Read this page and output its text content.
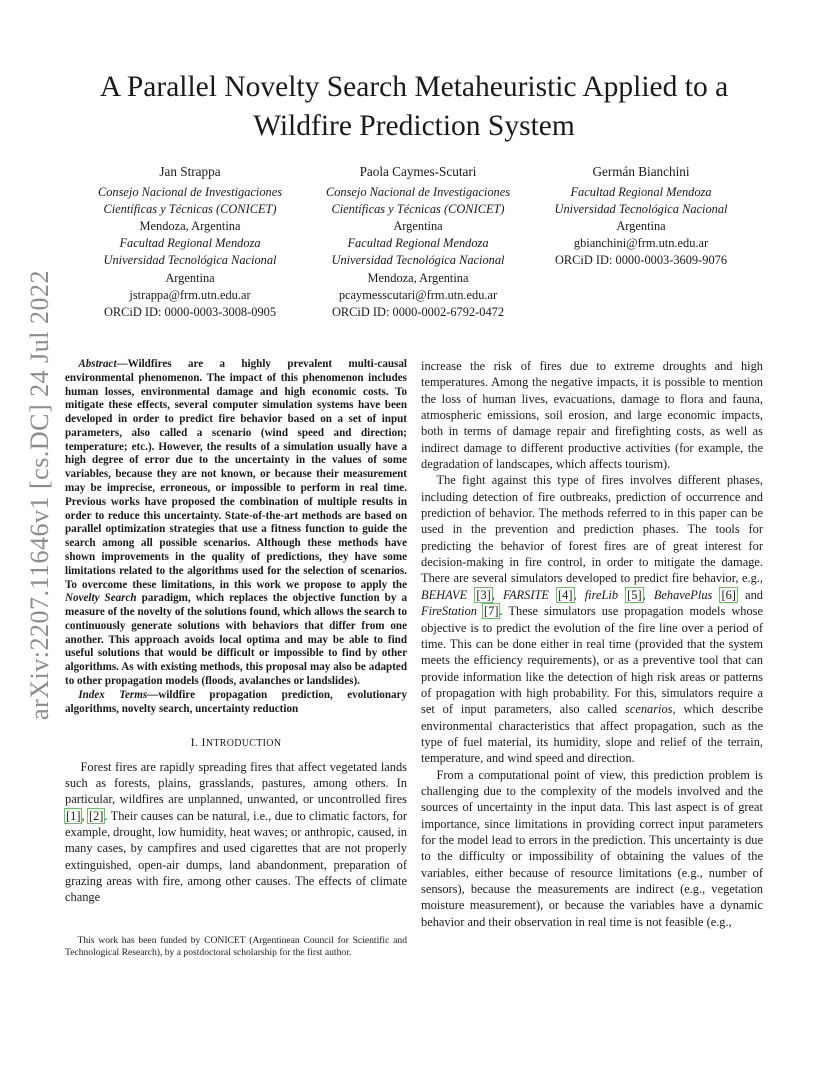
arXiv:2207.11646v1 [cs.DC] 24 Jul 2022
A Parallel Novelty Search Metaheuristic Applied to a Wildfire Prediction System
Jan Strappa
Consejo Nacional de Investigaciones
Científicas y Técnicas (CONICET)
Mendoza, Argentina
Facultad Regional Mendoza
Universidad Tecnológica Nacional
Argentina
jstrappa@frm.utn.edu.ar
ORCiD ID: 0000-0003-3008-0905
Paola Caymes-Scutari
Consejo Nacional de Investigaciones
Científicas y Técnicas (CONICET)
Argentina
Facultad Regional Mendoza
Universidad Tecnológica Nacional
Mendoza, Argentina
pcaymesscutari@frm.utn.edu.ar
ORCiD ID: 0000-0002-6792-0472
Germán Bianchini
Facultad Regional Mendoza
Universidad Tecnológica Nacional
Argentina
gbianchini@frm.utn.edu.ar
ORCiD ID: 0000-0003-3609-9076

Abstract—Wildfires are a highly prevalent multi-causal environmental phenomenon. The impact of this phenomenon includes human losses, environmental damage and high economic costs. To mitigate these effects, several computer simulation systems have been developed in order to predict fire behavior based on a set of input parameters, also called a scenario (wind speed and direction; temperature; etc.). However, the results of a simulation usually have a high degree of error due to the uncertainty in the values of some variables, because they are not known, or because their measurement may be imprecise, erroneous, or impossible to perform in real time. Previous works have proposed the combination of multiple results in order to reduce this uncertainty. State-of-the-art methods are based on parallel optimization strategies that use a fitness function to guide the search among all possible scenarios. Although these methods have shown improvements in the quality of predictions, they have some limitations related to the algorithms used for the selection of scenarios. To overcome these limitations, in this work we propose to apply the Novelty Search paradigm, which replaces the objective function by a measure of the novelty of the solutions found, which allows the search to continuously generate solutions with behaviors that differ from one another. This approach avoids local optima and may be able to find useful solutions that would be difficult or impossible to find by other algorithms. As with existing methods, this proposal may also be adapted to other propagation models (floods, avalanches or landslides).

Index Terms—wildfire propagation prediction, evolutionary algorithms, novelty search, uncertainty reduction

I. INTRODUCTION

Forest fires are rapidly spreading fires that affect vegetated lands such as forests, plains, grasslands, pastures, among others. In particular, wildfires are unplanned, unwanted, or uncontrolled fires [1], [2]. Their causes can be natural, i.e., due to climatic factors, for example, drought, low humidity, heat waves; or anthropic, caused, in many cases, by campfires and used cigarettes that are not properly extinguished, open-air dumps, land abandonment, preparation of grazing areas with fire, among other causes. The effects of climate change

This work has been funded by CONICET (Argentinean Council for Scientific and Technological Research), by a postdoctoral scholarship for the first author.

increase the risk of fires due to extreme droughts and high temperatures. Among the negative impacts, it is possible to mention the loss of human lives, evacuations, damage to flora and fauna, atmospheric emissions, soil erosion, and large economic impacts, both in terms of damage repair and firefighting costs, as well as indirect damage to different productive activities (for example, the degradation of landscapes, which affects tourism).

The fight against this type of fires involves different phases, including detection of fire outbreaks, prediction of occurrence and prediction of behavior. The methods referred to in this paper can be used in the prevention and prediction phases. The tools for predicting the behavior of forest fires are of great interest for decision-making in fire control, in order to mitigate the damage. There are several simulators developed to predict fire behavior, e.g., BEHAVE [3], FARSITE [4], fireLib [5], BehavePlus [6] and FireStation [7]. These simulators use propagation models whose objective is to predict the evolution of the fire line over a period of time. This can be done either in real time (provided that the system meets the efficiency requirements), or as a preventive tool that can provide information like the detection of high risk areas or patterns of propagation with high probability. For this, simulators require a set of input parameters, also called scenarios, which describe environmental characteristics that affect propagation, such as the type of fuel material, its humidity, slope and relief of the terrain, temperature, and wind speed and direction.

From a computational point of view, this prediction problem is challenging due to the complexity of the models involved and the sources of uncertainty in the input data. This last aspect is of great importance, since limitations in providing correct input parameters for the model lead to errors in the prediction. This uncertainty is due to the difficulty or impossibility of obtaining the values of the variables, either because of resource limitations (e.g., number of sensors), because the measurements are indirect (e.g., vegetation moisture measurement), or because the variables have a dynamic behavior and their observation in real time is not feasible (e.g.,
